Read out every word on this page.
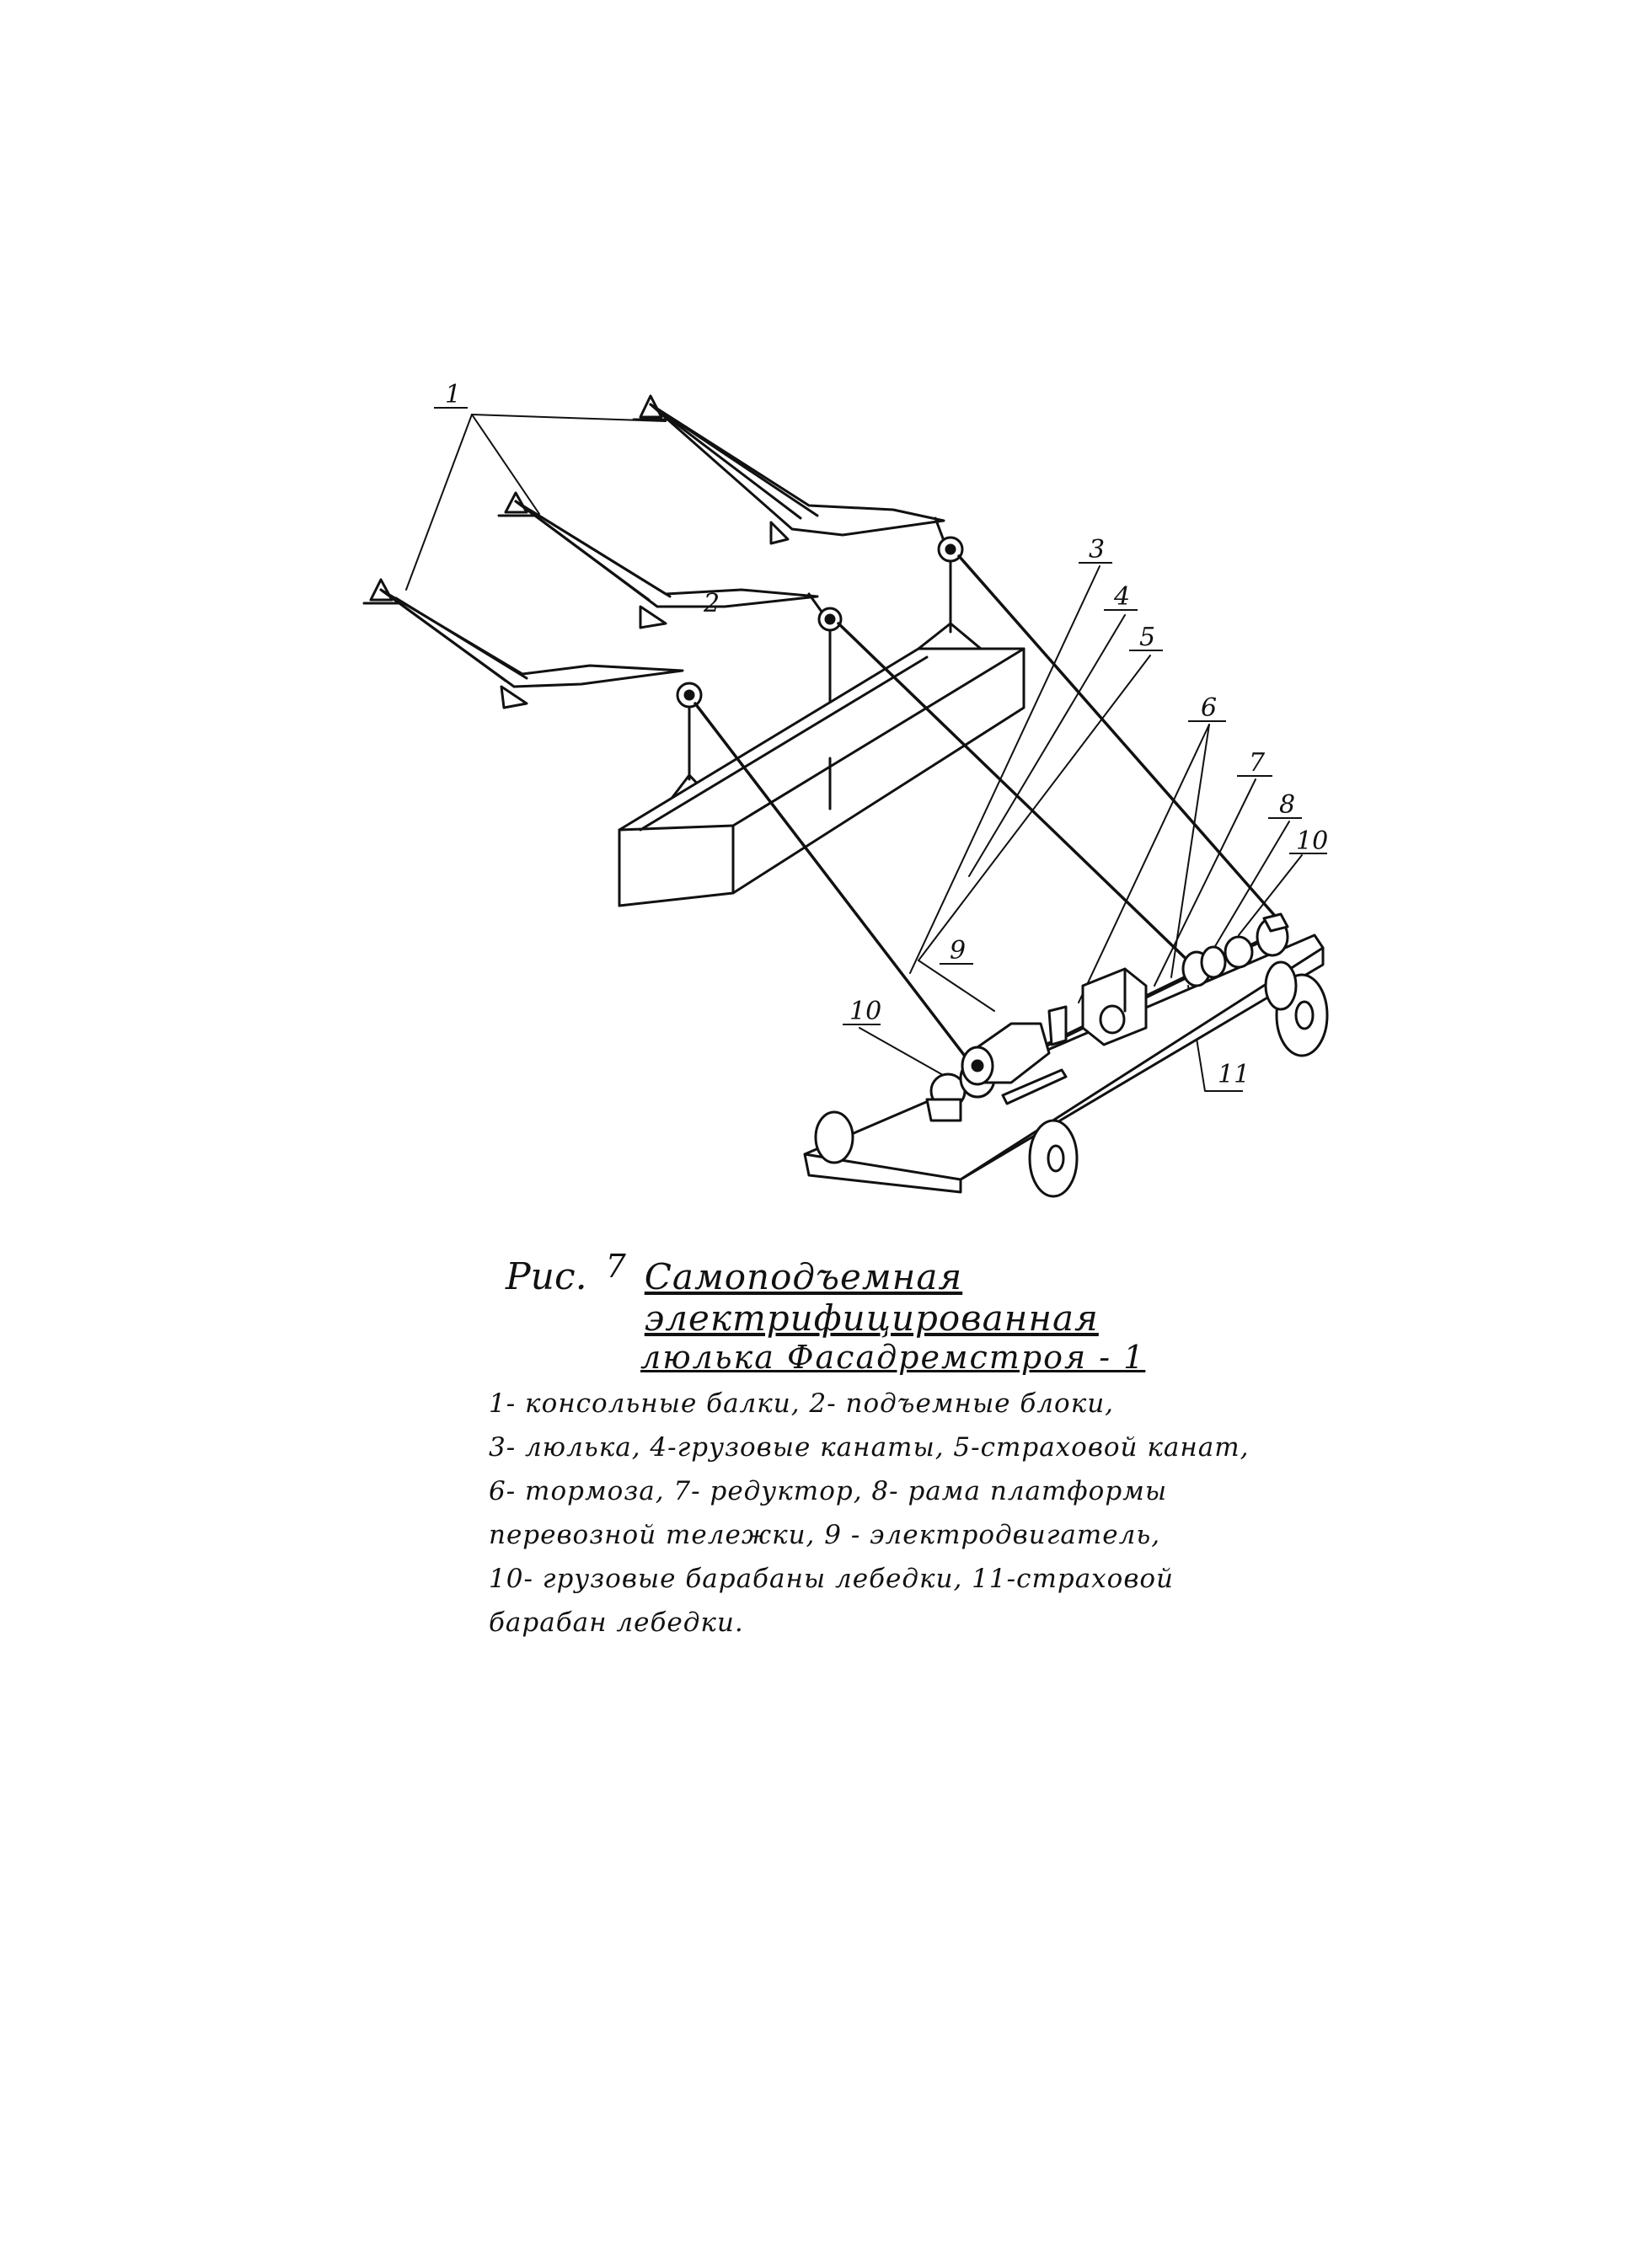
1
2
3
4
5
6
7
8
9
10
10
11
Рис. 7 Самоподъемная электрифицированная
люлька Фасадремстроя - 1
1- консольные балки, 2- подъемные блоки,
3- люлька, 4-грузовые канаты, 5-страховой канат,
6- тормоза, 7- редуктор, 8- рама платформы
перевозной тележки, 9 - электродвигатель,
10- грузовые барабаны лебедки, 11-страховой
барабан лебедки.
